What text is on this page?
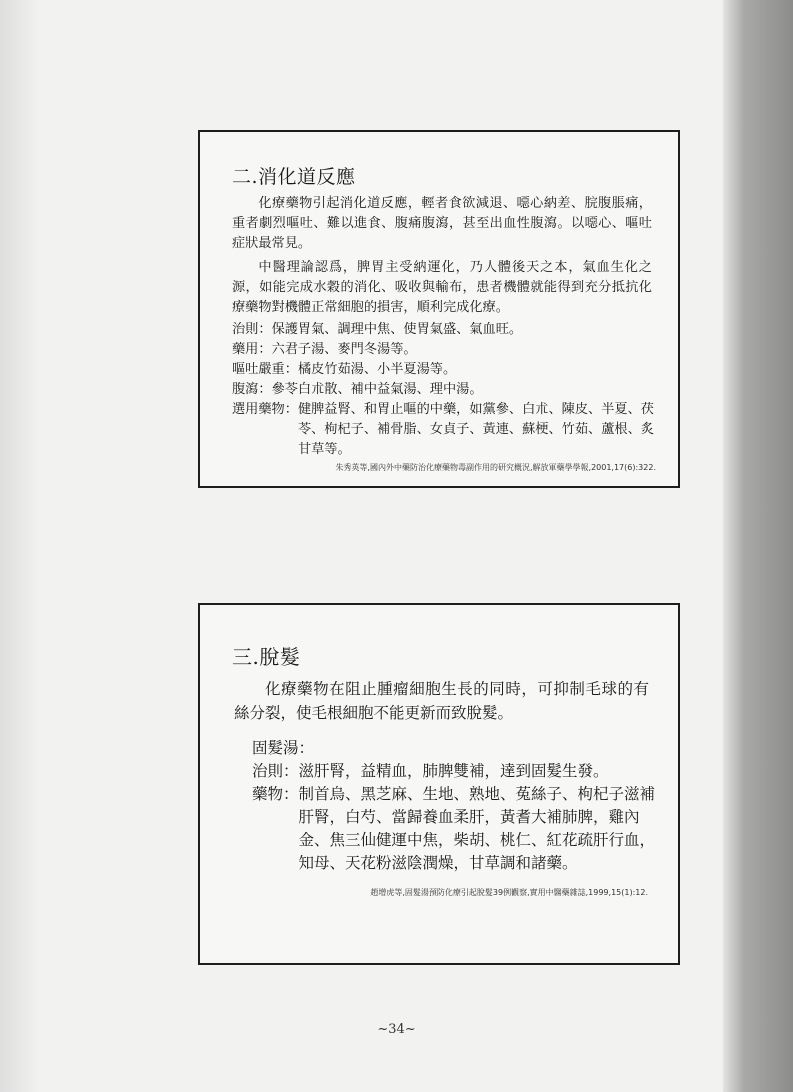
二.消化道反應

化療藥物引起消化道反應，輕者食欲減退、噁心納差、脘腹脹痛，重者劇烈嘔吐、難以進食、腹痛腹瀉，甚至出血性腹瀉。以噁心、嘔吐症狀最常見。

中醫理論認爲，脾胃主受納運化，乃人體後天之本，氣血生化之源，如能完成水穀的消化、吸收與輸布，患者機體就能得到充分抵抗化療藥物對機體正常細胞的損害，順利完成化療。

治則： 保護胃氣、調理中焦、使胃氣盛、氣血旺。
藥用： 六君子湯、麥門冬湯等。
嘔吐嚴重： 橘皮竹茹湯、小半夏湯等。
腹瀉： 參苓白朮散、補中益氣湯、理中湯。
選用藥物： 健脾益腎、和胃止嘔的中藥，如黨參、白朮、陳皮、半夏、茯苓、枸杞子、補骨脂、女貞子、黃連、蘇梗、竹茹、蘆根、炙甘草等。
朱秀英等,國內外中藥防治化療藥物毒副作用的研究概況,解放軍藥學學報,2001,17(6):322.
三.脫髮

化療藥物在阻止腫瘤細胞生長的同時，可抑制毛球的有絲分裂，使毛根細胞不能更新而致脫髮。

固髮湯：
治則： 滋肝腎，益精血，肺脾雙補，達到固髮生發。
藥物： 制首烏、黑芝麻、生地、熟地、菟絲子、枸杞子滋補肝腎，白芍、當歸養血柔肝，黃耆大補肺脾，雞內金、焦三仙健運中焦，柴胡、桃仁、紅花疏肝行血，知母、天花粉滋陰潤燥，甘草調和諸藥。
趙增虎等,固髮湯預防化療引起脫髮39例觀察,實用中醫藥雜誌,1999,15(1):12.
~34~
